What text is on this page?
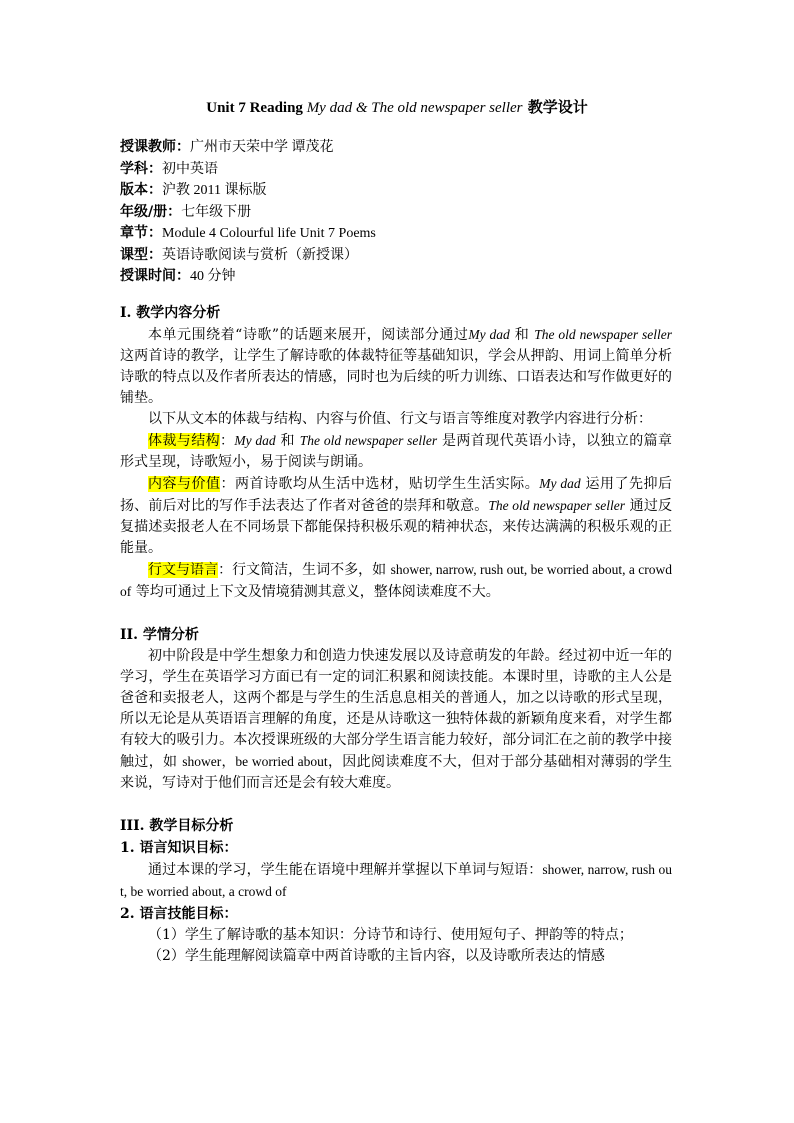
Unit 7 Reading My dad & The old newspaper seller 教学设计
授课教师：广州市天荣中学 谭茂花
学科：初中英语
版本：沪教 2011 课标版
年级/册：七年级下册
章节：Module 4 Colourful life Unit 7 Poems
课型：英语诗歌阅读与赏析（新授课）
授课时间：40 分钟
I. 教学内容分析
本单元围绕着“诗歌”的话题来展开，阅读部分通过My dad 和 The old newspaper seller 这两首诗的教学，让学生了解诗歌的体裁特征等基础知识，学会从押韵、用词上简单分析诗歌的特点以及作者所表达的情感，同时也为后续的听力训练、口语表达和写作做更好的铺垫。
以下从文本的体裁与结构、内容与价值、行文与语言等维度对教学内容进行分析：
体裁与结构：My dad 和 The old newspaper seller 是两首现代英语小诗，以独立的篇章形式呈现，诗歌短小，易于阅读与朗诵。
内容与价值：两首诗歌均从生活中选材，贴切学生生活实际。My dad 运用了先抑后扬、前后对比的写作手法表达了作者对爸爸的崇拜和敬意。The old newspaper seller 通过反复描述卖报老人在不同场景下都能保持积极乐观的精神状态，来传达满满的积极乐观的正能量。
行文与语言：行文简洁，生词不多，如 shower, narrow, rush out, be worried about, a crowd of 等均可通过上下文及情境猜测其意义，整体阅读难度不大。
II. 学情分析
初中阶段是中学生想象力和创造力快速发展以及诗意萌发的年龄。经过初中近一年的学习，学生在英语学习方面已有一定的词汇积累和阅读技能。本课时里，诗歌的主人公是爸爸和卖报老人，这两个都是与学生的生活息息相关的普通人，加之以诗歌的形式呈现，所以无论是从英语语言理解的角度，还是从诗歌这一独特体裁的新颖角度来看，对学生都有较大的吸引力。本次授课班级的大部分学生语言能力较好，部分词汇在之前的教学中接触过，如 shower，be worried about，因此阅读难度不大，但对于部分基础相对薄弱的学生来说，写诗对于他们而言还是会有较大难度。
III. 教学目标分析
1. 语言知识目标：
通过本课的学习，学生能在语境中理解并掌握以下单词与短语：shower, narrow, rush out, be worried about, a crowd of
2. 语言技能目标：
（1）学生了解诗歌的基本知识：分诗节和诗行、使用短句子、押韵等的特点；
（2）学生能理解阅读篇章中两首诗歌的主旨内容，以及诗歌所表达的情感
